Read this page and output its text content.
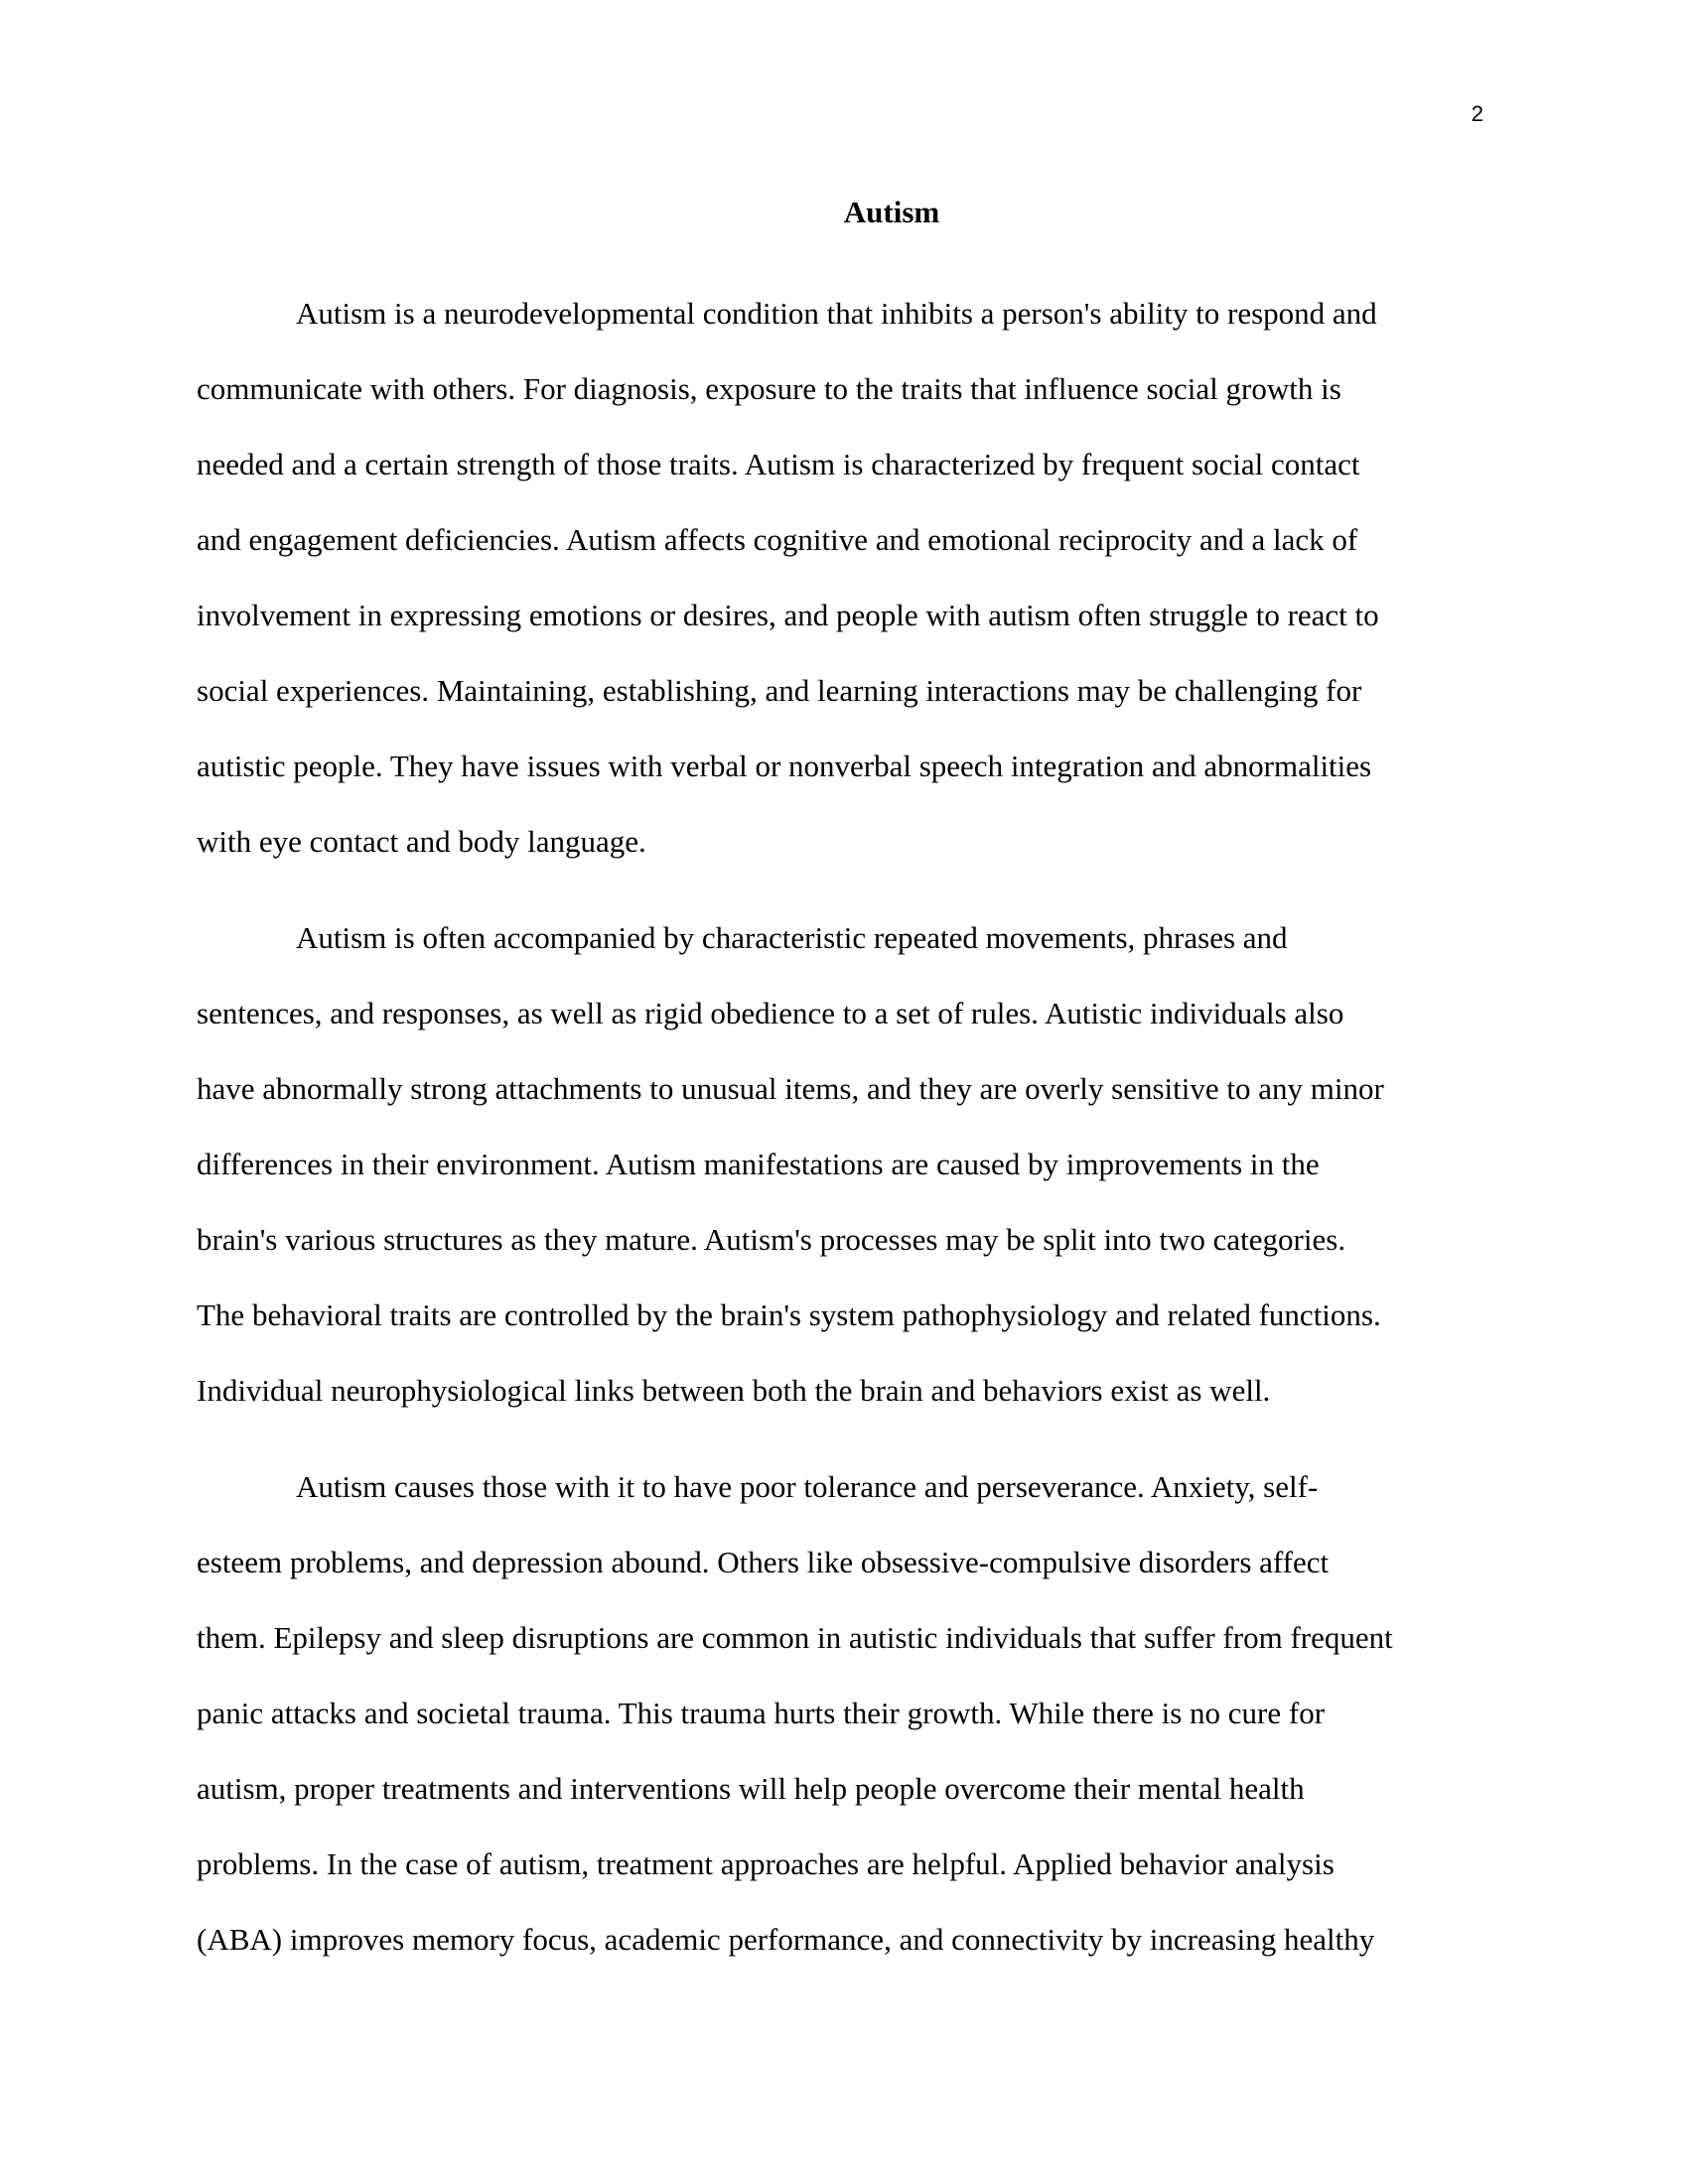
2
Autism
Autism is a neurodevelopmental condition that inhibits a person's ability to respond and
communicate with others. For diagnosis, exposure to the traits that influence social growth is
needed and a certain strength of those traits. Autism is characterized by frequent social contact
and engagement deficiencies. Autism affects cognitive and emotional reciprocity and a lack of
involvement in expressing emotions or desires, and people with autism often struggle to react to
social experiences. Maintaining, establishing, and learning interactions may be challenging for
autistic people. They have issues with verbal or nonverbal speech integration and abnormalities
with eye contact and body language.
Autism is often accompanied by characteristic repeated movements, phrases and
sentences, and responses, as well as rigid obedience to a set of rules. Autistic individuals also
have abnormally strong attachments to unusual items, and they are overly sensitive to any minor
differences in their environment. Autism manifestations are caused by improvements in the
brain's various structures as they mature. Autism's processes may be split into two categories.
The behavioral traits are controlled by the brain's system pathophysiology and related functions.
Individual neurophysiological links between both the brain and behaviors exist as well.
Autism causes those with it to have poor tolerance and perseverance. Anxiety, self-
esteem problems, and depression abound. Others like obsessive-compulsive disorders affect
them. Epilepsy and sleep disruptions are common in autistic individuals that suffer from frequent
panic attacks and societal trauma. This trauma hurts their growth. While there is no cure for
autism, proper treatments and interventions will help people overcome their mental health
problems. In the case of autism, treatment approaches are helpful. Applied behavior analysis
(ABA) improves memory focus, academic performance, and connectivity by increasing healthy
